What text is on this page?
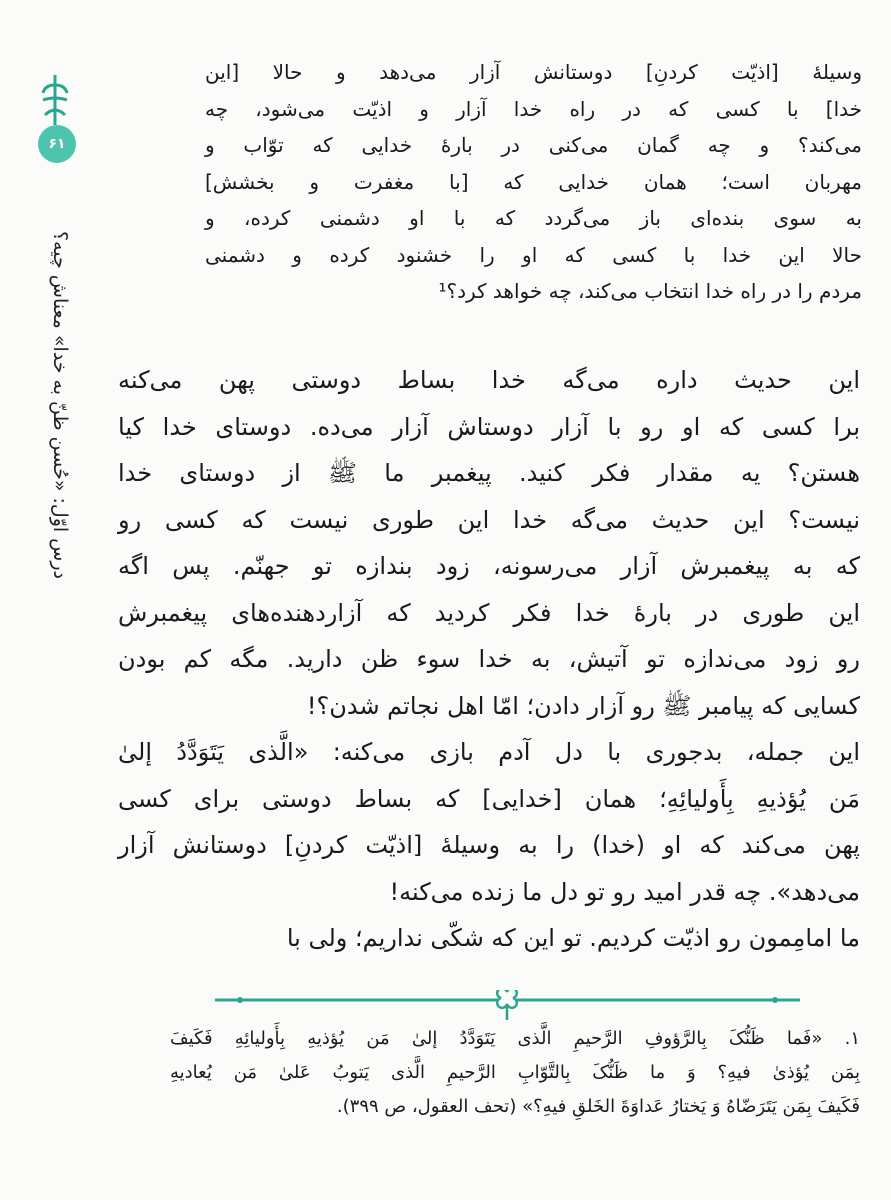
۶۱
درس اوّل: «حُسن ظنّ به خدا» معناش چیه؟
وسیلهٔ [اذیّت کردنِ] دوستانش آزار می‌دهد و حالا [این
خدا] با کسی که در راه خدا آزار و اذیّت می‌شود، چه
می‌کند؟ و چه گمان می‌کنی در بارهٔ خدایی که توّاب و
مهربان است؛ همان خدایی که [با مغفرت و بخشش]
به سوی بنده‌ای باز می‌گردد که با او دشمنی کرده، و
حالا این خدا با کسی که او را خشنود کرده و دشمنی
مردم را در راه خدا انتخاب می‌کند، چه خواهد کرد؟¹
این حدیث داره می‌گه خدا بساط دوستی پهن می‌کنه
برا کسی که او رو با آزار دوستاش آزار می‌ده. دوستای خدا کیا
هستن؟ یه مقدار فکر کنید. پیغمبر ما ﷺ از دوستای خدا
نیست؟ این حدیث می‌گه خدا این طوری نیست که کسی رو
که به پیغمبرش آزار می‌رسونه، زود بندازه تو جهنّم. پس اگه
این طوری در بارهٔ خدا فکر کردید که آزاردهنده‌های پیغمبرش
رو زود می‌ندازه تو آتیش، به خدا سوء ظن دارید. مگه کم بودن
کسایی که پیامبر ﷺ رو آزار دادن؛ امّا اهل نجاتم شدن؟!
این جمله، بدجوری با دل آدم بازی می‌کنه: «الَّذی یَتَوَدَّدُ إلیٰ
مَن یُؤذیهِ بِأَولیائِهِ؛ همان [خدایی] که بساط دوستی برای کسی
پهن می‌کند که او (خدا) را به وسیلهٔ [اذیّت کردنِ] دوستانش آزار
می‌دهد». چه قدر امید رو تو دل ما زنده می‌کنه!
ما امامِمون رو اذیّت کردیم. تو این که شکّی نداریم؛ ولی با
۱. «فَما ظَنُّکَ بِالرَّؤوفِ الرَّحیمِ الَّذی یَتَوَدَّدُ إلیٰ مَن یُؤذیهِ بِأَولیائِهِ فَکَیفَ
بِمَن یُؤذیٰ فیهِ؟ وَ ما ظَنُّکَ بِالتَّوّابِ الرَّحیمِ الَّذی یَتوبُ عَلیٰ مَن یُعادیهِ
فَکَیفَ بِمَن یَتَرَضّاهُ وَ یَختارُ عَداوَةَ الخَلقِ فیهِ؟» (تحف العقول، ص ۳۹۹).
